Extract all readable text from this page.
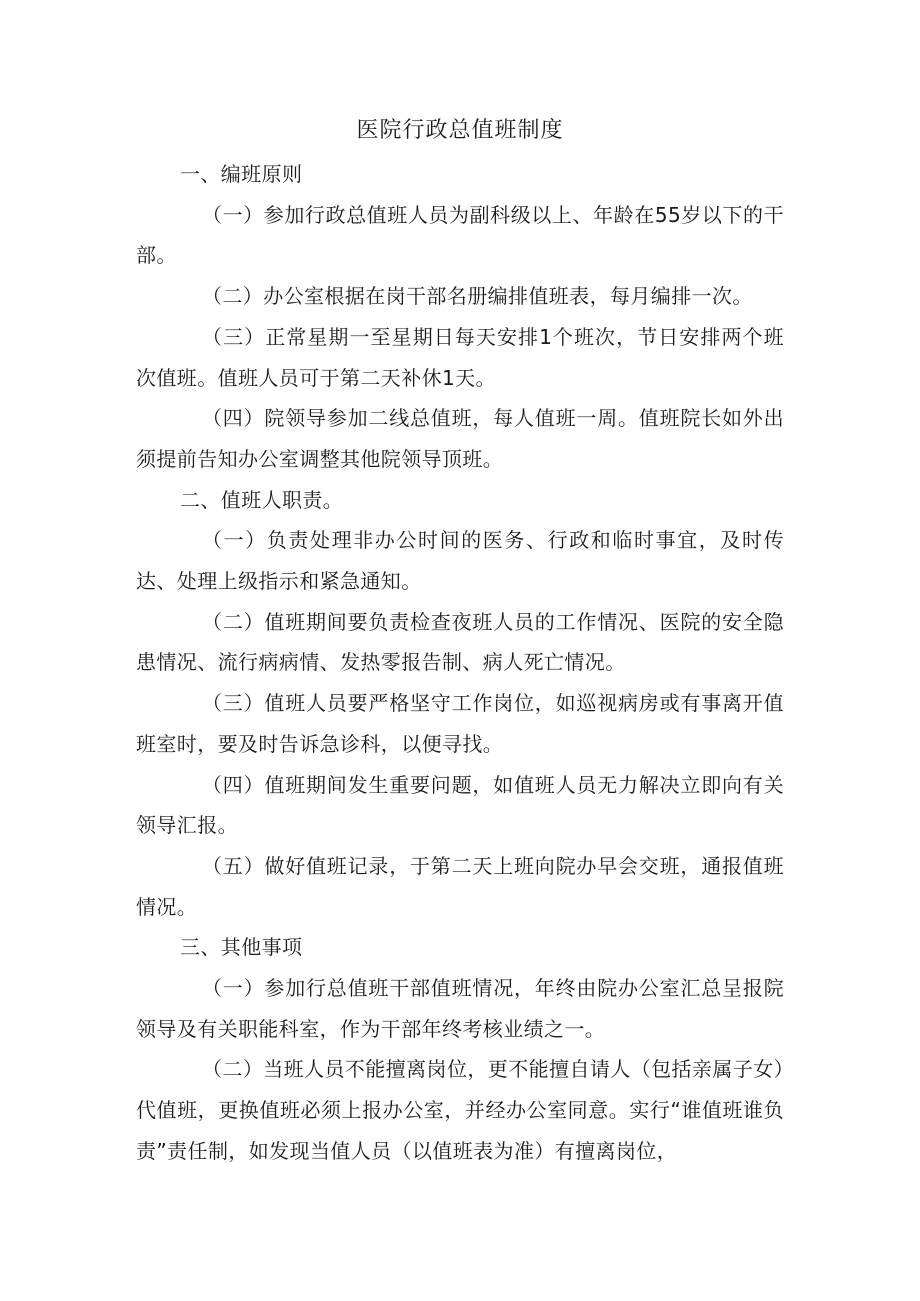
医院行政总值班制度

一、编班原则

（一）参加行政总值班人员为副科级以上、年龄在55岁以下的干部。

（二）办公室根据在岗干部名册编排值班表，每月编排一次。

（三）正常星期一至星期日每天安排1个班次，节日安排两个班次值班。值班人员可于第二天补休1天。

（四）院领导参加二线总值班，每人值班一周。值班院长如外出须提前告知办公室调整其他院领导顶班。

二、值班人职责。

（一）负责处理非办公时间的医务、行政和临时事宜，及时传达、处理上级指示和紧急通知。

（二）值班期间要负责检查夜班人员的工作情况、医院的安全隐患情况、流行病病情、发热零报告制、病人死亡情况。

（三）值班人员要严格坚守工作岗位，如巡视病房或有事离开值班室时，要及时告诉急诊科，以便寻找。

（四）值班期间发生重要问题，如值班人员无力解决立即向有关领导汇报。

（五）做好值班记录，于第二天上班向院办早会交班，通报值班情况。

三、其他事项

（一）参加行总值班干部值班情况，年终由院办公室汇总呈报院领导及有关职能科室，作为干部年终考核业绩之一。

（二）当班人员不能擅离岗位，更不能擅自请人（包括亲属子女）代值班，更换值班必须上报办公室，并经办公室同意。实行“谁值班谁负责”责任制，如发现当值人员（以值班表为准）有擅离岗位，
